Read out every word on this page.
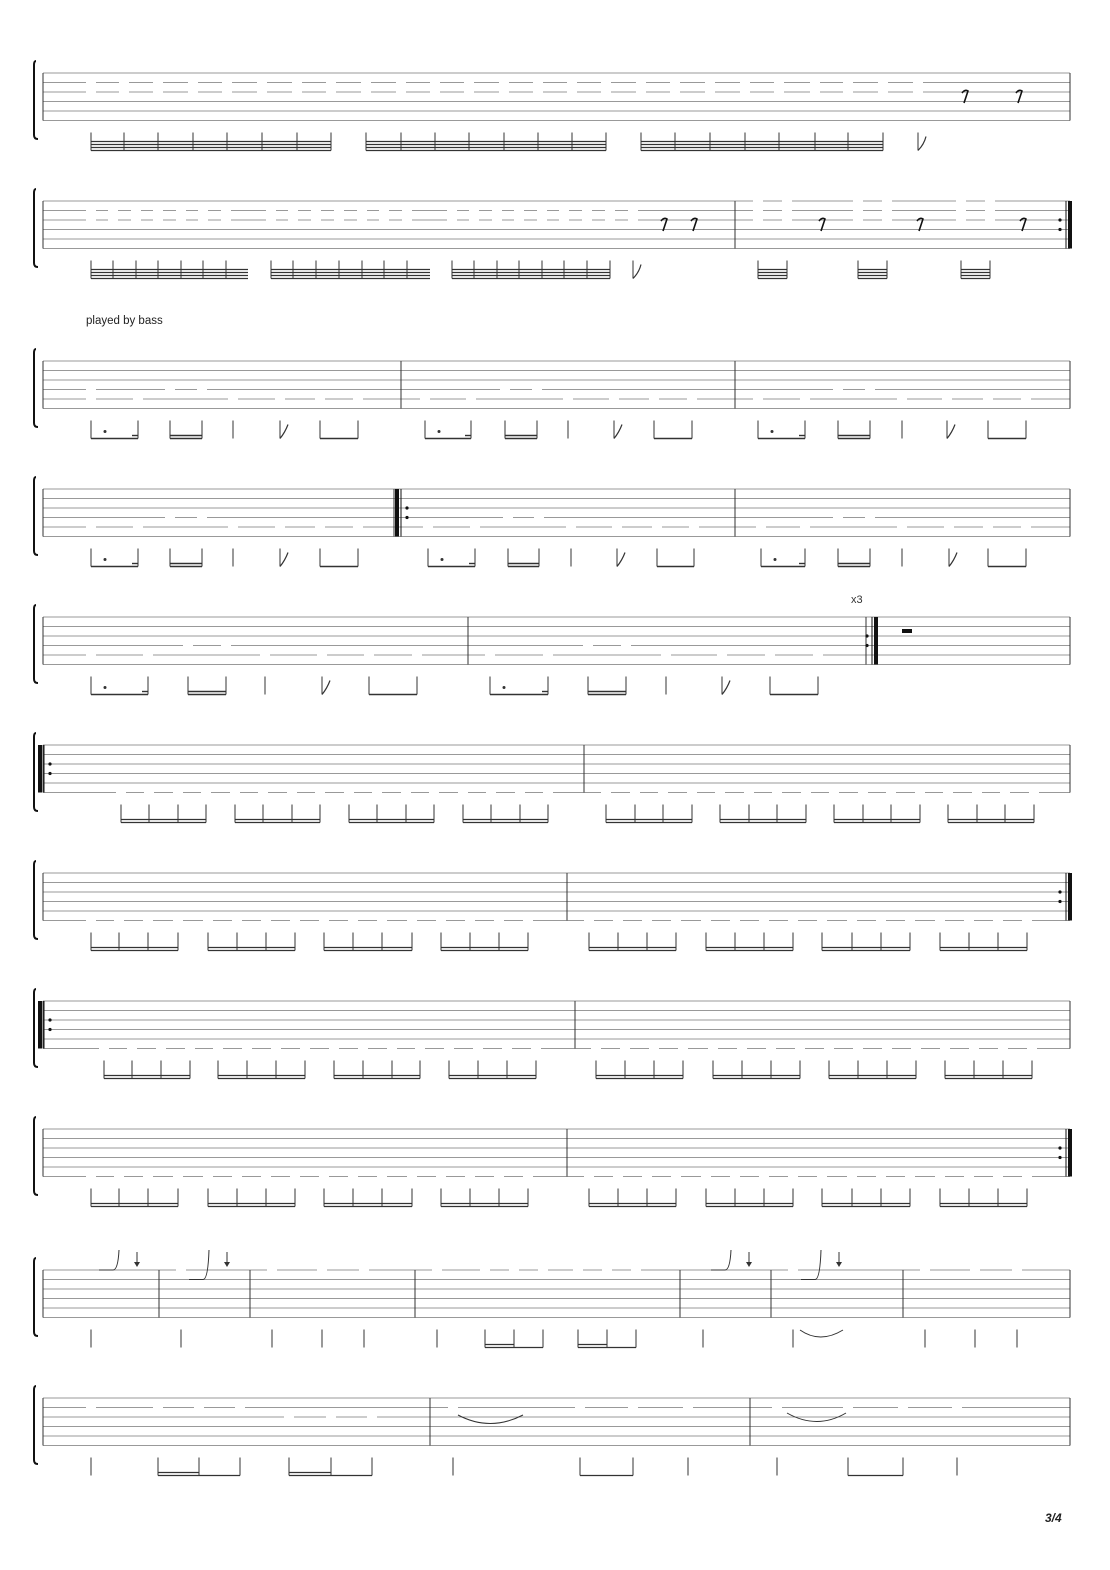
played by bass
x3
3/4
